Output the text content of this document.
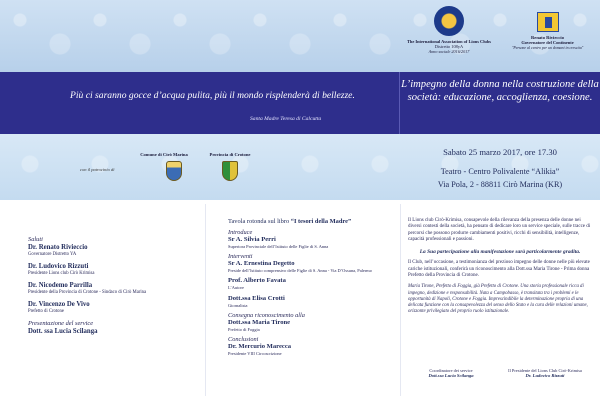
The International Association of Lions Clubs
Distretto 108yA
Anno sociale 2016/2017
Renato Rivieccio
Governatore del Continente
"Persone al centro per un domani in crescita"
Più ci saranno gocce d’acqua pulita, più il mondo risplenderà di bellezze.
Santa Madre Teresa di Calcutta
L’impegno della donna nella costruzione della società: educazione, accoglienza, coesione.
con il patrocinio di
Comune di Cirò Marina	Provincia di Crotone	Sabato 25 marzo 2017, ore 17.30
Teatro - Centro Polivalente “Alikia”
Via Pola, 2 - 88811 Cirò Marina (KR)
Saluti
Dr. Renato Rivieccio
Governatore Distretto YA
Dr. Ludovico Rizzuti
Presidente Lions club Cirò Krimisa
Dr. Nicodemo Parrilla
Presidente della Provincia di Crotone - Sindaco di Cirò Marina
Dr. Vincenzo De Vivo
Prefetto di Crotone
Presentazione del service
Dott. ssa Lucia Scilanga
Tavola rotonda sul libro “I tesori della Madre”
Introduce
Sr A. Silvia Perri
Superiora Provinciale dell’Istituto delle Figlie di S. Anna
Interventi
Sr A. Ernestina Degetto
Preside dell’Istituto comprensivo delle Figlie di S. Anna - Via D’Ossuna, Palermo
Prof. Alberto Favata
L’Autore
Dott.ssa Elisa Crotti
Giornalista
Consegna riconoscimento alla
Dott.ssa Maria Tirone
Prefetto di Foggia
Conclusioni
Dr. Mercurio Marecca
Presidente VIII Circoscrizione
Il Lions club Cirò-Krimisa, consapevole della rilevanza della presenza delle donne nei diversi contesti della società, ha pensato di dedicare loro un service speciale, sulle tracce di percorsi che possono produrre cambiamenti positivi, ricchi di sensibilità, intelligenze, capacità professionali e passioni.
La Sua partecipazione alla manifestazione sarà particolarmente gradita.
Il Club, nell’occasione, a testimonianza del prezioso impegno delle donne nelle più elevate cariche istituzionali, conferirà un riconoscimento alla Dott.ssa Maria Tirone - Prima donna Prefetto della Provincia di Crotone.
Maria Tirone, Prefetto di Foggia, già Prefetto di Crotone. Una storia professionale ricca di impegno, dedizione e responsabilità. Nata a Campobasso, è transitata tra i problemi e le opportunità di Napoli, Crotone e Foggia. Imprescindibile la determinazione propria di una delicata funzione con la consapevolezza del senso dello Stato e la cura delle relazioni umane, orizzonte privilegiato del proprio ruolo istituzionale.
Coordinatore dei service
Dott.ssa Lucia Scilanga
Il Presidente del Lions Club Cirò-Krimisa
Dr. Ludovico Rizzuti
